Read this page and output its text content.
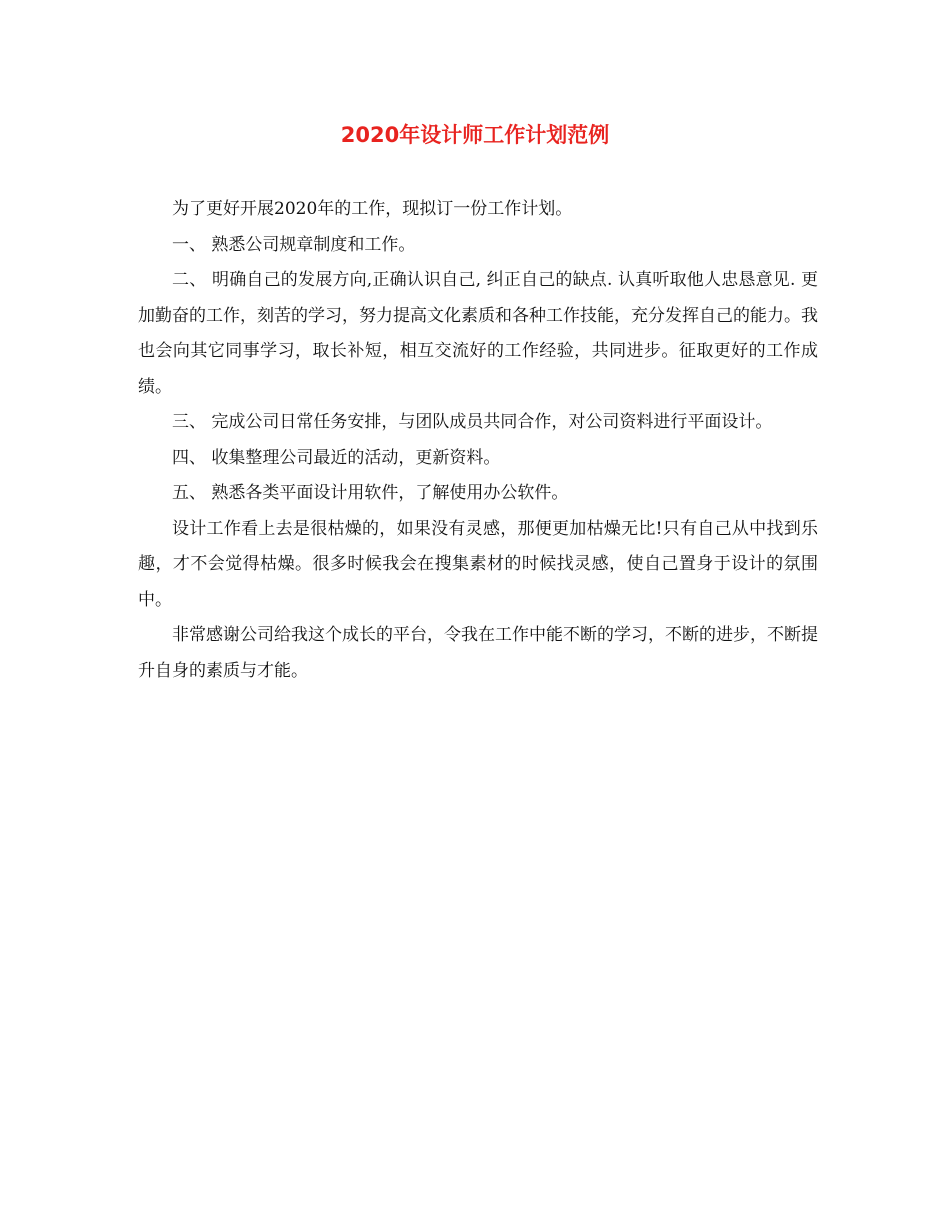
2020年设计师工作计划范例

为了更好开展2020年的工作，现拟订一份工作计划。

一、 熟悉公司规章制度和工作。

二、 明确自己的发展方向,正确认识自己, 纠正自己的缺点. 认真听取他人忠恳意见. 更加勤奋的工作，刻苦的学习，努力提高文化素质和各种工作技能，充分发挥自己的能力。我也会向其它同事学习，取长补短，相互交流好的工作经验，共同进步。征取更好的工作成绩。

三、 完成公司日常任务安排，与团队成员共同合作，对公司资料进行平面设计。

四、 收集整理公司最近的活动，更新资料。

五、 熟悉各类平面设计用软件，了解使用办公软件。

设计工作看上去是很枯燥的，如果没有灵感，那便更加枯燥无比!只有自己从中找到乐趣，才不会觉得枯燥。很多时候我会在搜集素材的时候找灵感，使自己置身于设计的氛围中。

非常感谢公司给我这个成长的平台，令我在工作中能不断的学习，不断的进步，不断提升自身的素质与才能。
